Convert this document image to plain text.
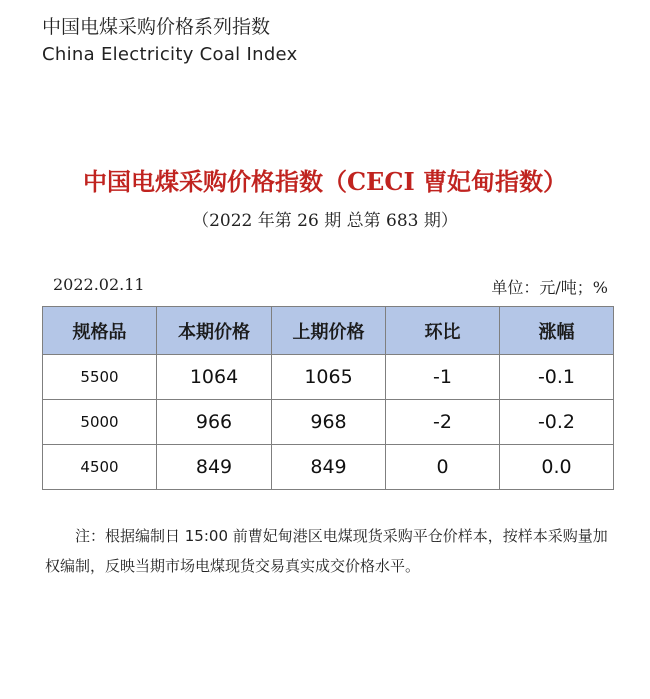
中国电煤采购价格系列指数
China Electricity Coal Index
中国电煤采购价格指数（CECI 曹妃甸指数）
（2022 年第 26 期 总第 683 期）
2022.02.11	单位：元/吨；%
规格品	本期价格	上期价格	环比	涨幅
5500	1064	1065	-1	-0.1
5000	966	968	-2	-0.2
4500	849	849	0	0.0
注：根据编制日 15:00 前曹妃甸港区电煤现货采购平仓价样本，按样本采购量加权编制，反映当期市场电煤现货交易真实成交价格水平。
